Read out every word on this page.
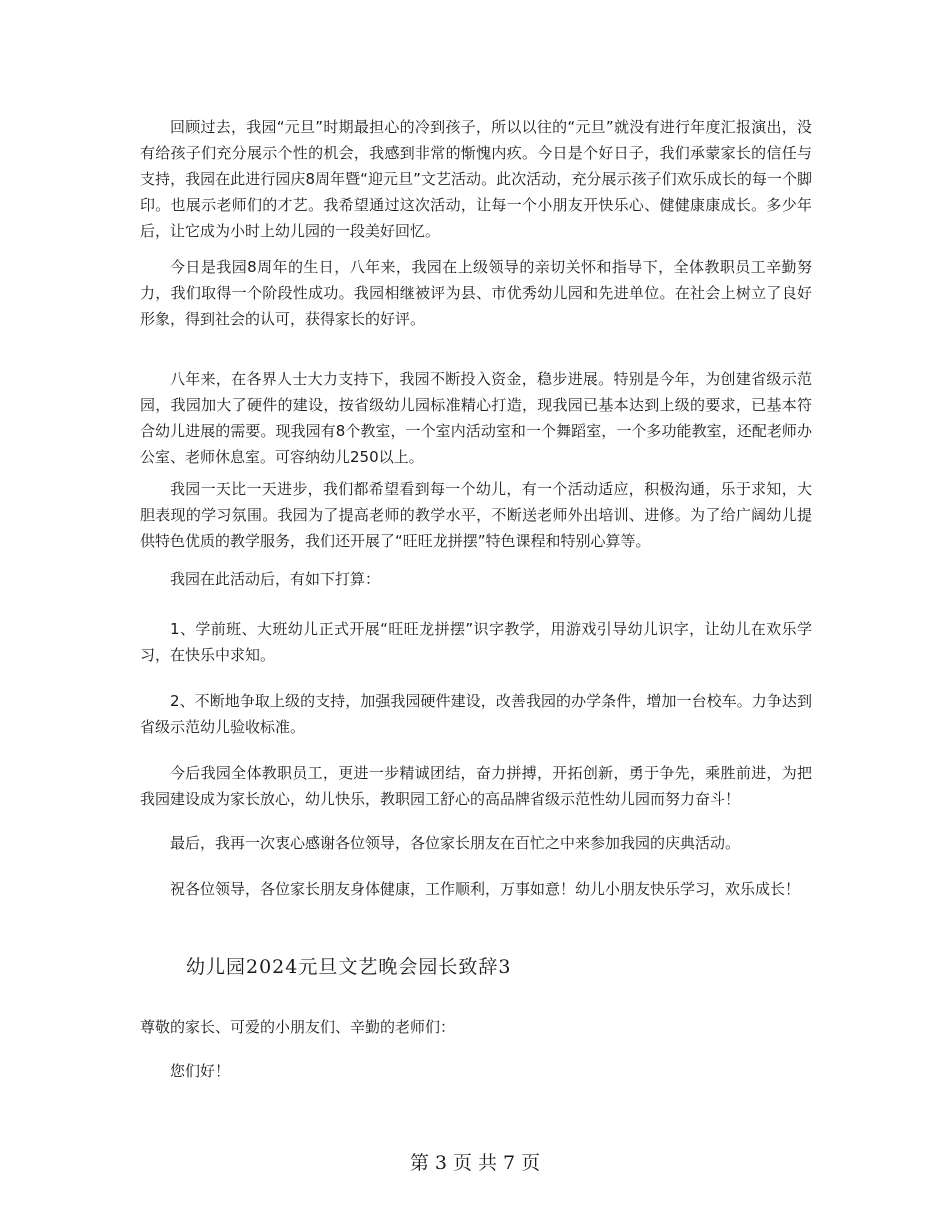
回顾过去，我园“元旦”时期最担心的冷到孩子，所以以往的“元旦”就没有进行年度汇报演出，没有给孩子们充分展示个性的机会，我感到非常的惭愧内疚。今日是个好日子，我们承蒙家长的信任与支持，我园在此进行园庆8周年暨“迎元旦”文艺活动。此次活动，充分展示孩子们欢乐成长的每一个脚印。也展示老师们的才艺。我希望通过这次活动，让每一个小朋友开快乐心、健健康康成长。多少年后，让它成为小时上幼儿园的一段美好回忆。

今日是我园8周年的生日，八年来，我园在上级领导的亲切关怀和指导下，全体教职员工辛勤努力，我们取得一个阶段性成功。我园相继被评为县、市优秀幼儿园和先进单位。在社会上树立了良好形象，得到社会的认可，获得家长的好评。

八年来，在各界人士大力支持下，我园不断投入资金，稳步进展。特别是今年，为创建省级示范园，我园加大了硬件的建设，按省级幼儿园标准精心打造，现我园已基本达到上级的要求，已基本符合幼儿进展的需要。现我园有8个教室，一个室内活动室和一个舞蹈室，一个多功能教室，还配老师办公室、老师休息室。可容纳幼儿250以上。

我园一天比一天进步，我们都希望看到每一个幼儿，有一个活动适应，积极沟通，乐于求知，大胆表现的学习氛围。我园为了提高老师的教学水平，不断送老师外出培训、进修。为了给广阔幼儿提供特色优质的教学服务，我们还开展了“旺旺龙拼摆”特色课程和特别心算等。

我园在此活动后，有如下打算：

1、学前班、大班幼儿正式开展“旺旺龙拼摆”识字教学，用游戏引导幼儿识字，让幼儿在欢乐学习，在快乐中求知。

2、不断地争取上级的支持，加强我园硬件建设，改善我园的办学条件，增加一台校车。力争达到省级示范幼儿验收标准。

今后我园全体教职员工，更进一步精诚团结，奋力拼搏，开拓创新，勇于争先，乘胜前进，为把我园建设成为家长放心，幼儿快乐，教职园工舒心的高品牌省级示范性幼儿园而努力奋斗！

最后，我再一次衷心感谢各位领导，各位家长朋友在百忙之中来参加我园的庆典活动。

祝各位领导，各位家长朋友身体健康，工作顺利，万事如意！幼儿小朋友快乐学习，欢乐成长！

幼儿园2024元旦文艺晚会园长致辞3

尊敬的家长、可爱的小朋友们、辛勤的老师们：

您们好！

第 3 页 共 7 页
